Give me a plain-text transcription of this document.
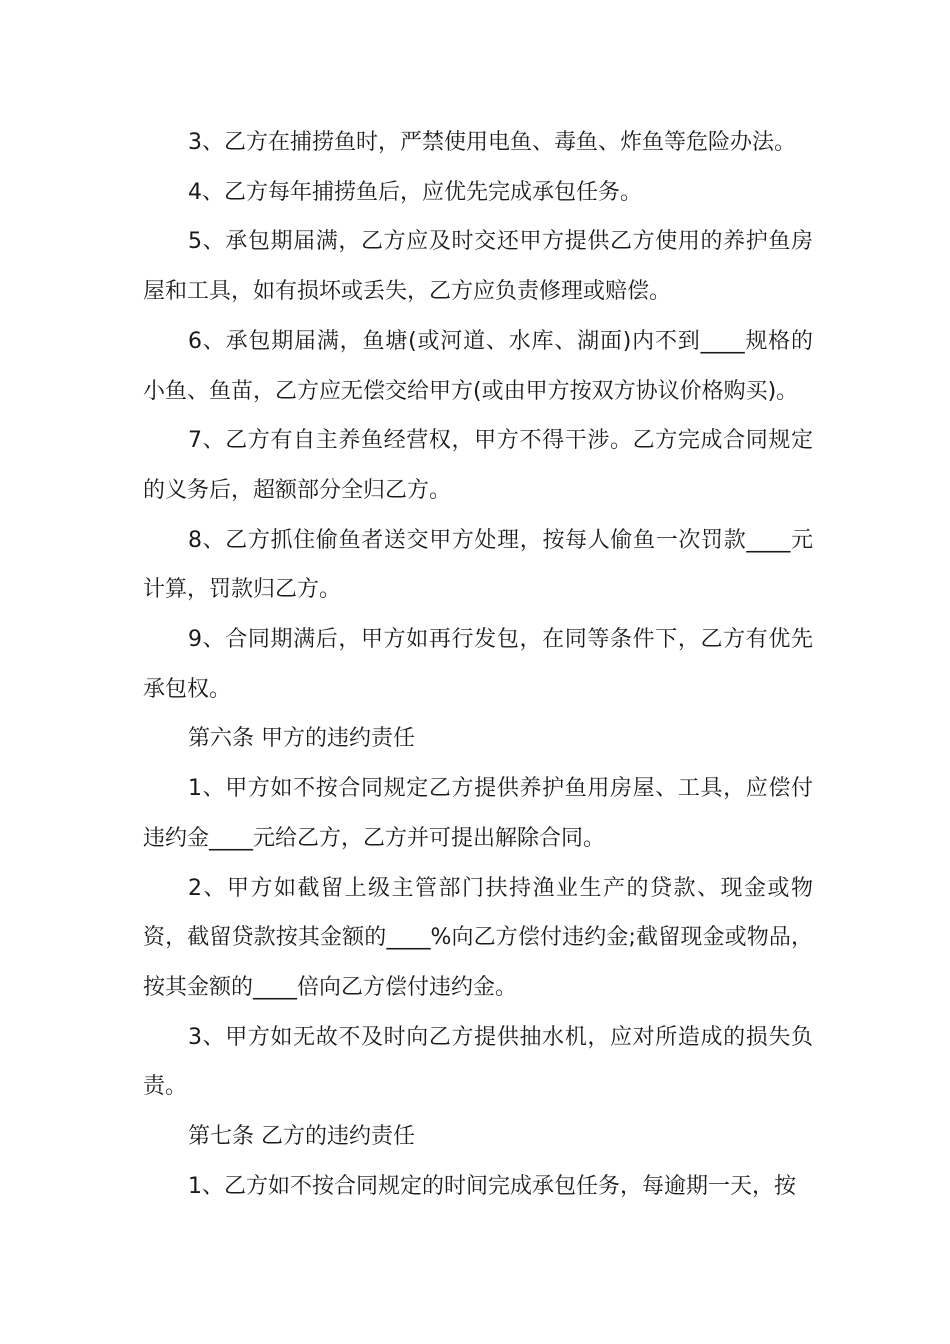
3、乙方在捕捞鱼时，严禁使用电鱼、毒鱼、炸鱼等危险办法。

4、乙方每年捕捞鱼后，应优先完成承包任务。

5、承包期届满，乙方应及时交还甲方提供乙方使用的养护鱼房屋和工具，如有损坏或丢失，乙方应负责修理或赔偿。

6、承包期届满，鱼塘(或河道、水库、湖面)内不到____规格的小鱼、鱼苗，乙方应无偿交给甲方(或由甲方按双方协议价格购买)。

7、乙方有自主养鱼经营权，甲方不得干涉。乙方完成合同规定的义务后，超额部分全归乙方。

8、乙方抓住偷鱼者送交甲方处理，按每人偷鱼一次罚款____元计算，罚款归乙方。

9、合同期满后，甲方如再行发包，在同等条件下，乙方有优先承包权。

第六条 甲方的违约责任

1、甲方如不按合同规定乙方提供养护鱼用房屋、工具，应偿付违约金____元给乙方，乙方并可提出解除合同。

2、甲方如截留上级主管部门扶持渔业生产的贷款、现金或物资，截留贷款按其金额的____%向乙方偿付违约金;截留现金或物品，按其金额的____倍向乙方偿付违约金。

3、甲方如无故不及时向乙方提供抽水机，应对所造成的损失负责。

第七条 乙方的违约责任

1、乙方如不按合同规定的时间完成承包任务，每逾期一天，按
